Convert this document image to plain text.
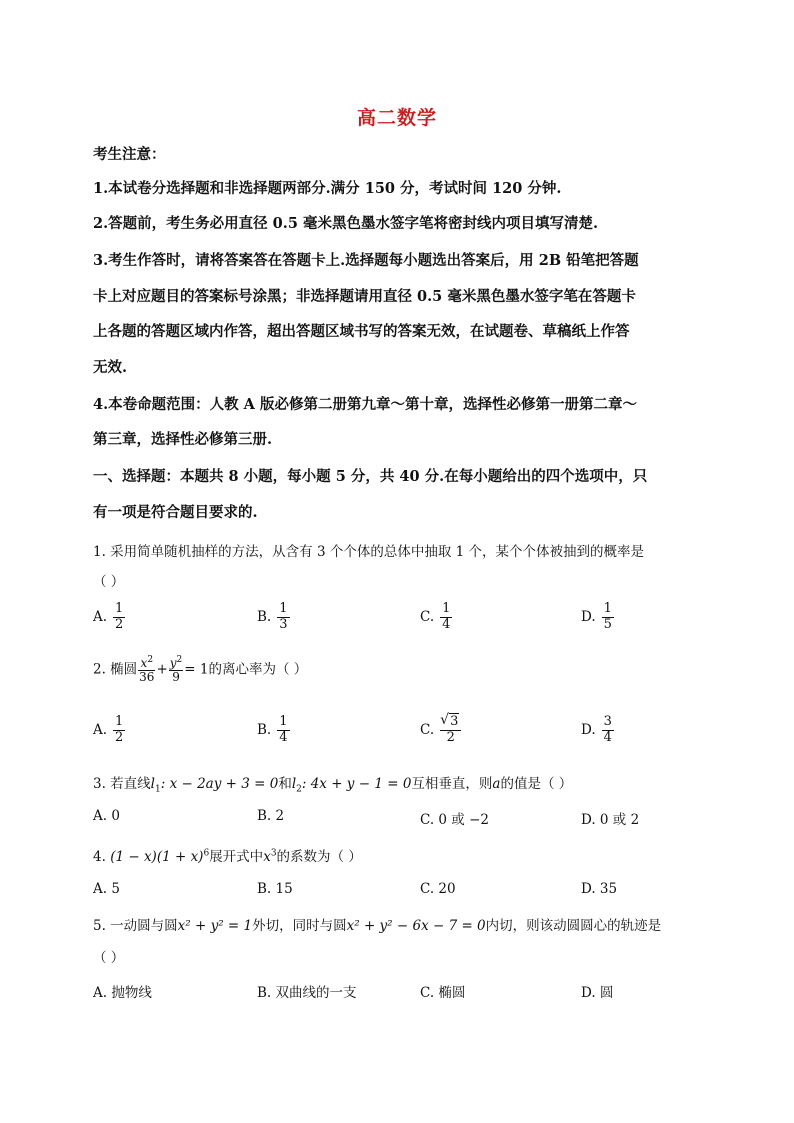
高二数学
考生注意：
1.本试卷分选择题和非选择题两部分.满分 150 分，考试时间 120 分钟.
2.答题前，考生务必用直径 0.5 毫米黑色墨水签字笔将密封线内项目填写清楚.
3.考生作答时，请将答案答在答题卡上.选择题每小题选出答案后，用 2B 铅笔把答题
卡上对应题目的答案标号涂黑；非选择题请用直径 0.5 毫米黑色墨水签字笔在答题卡
上各题的答题区域内作答，超出答题区域书写的答案无效，在试题卷、草稿纸上作答
无效.
4.本卷命题范围：人教 A 版必修第二册第九章～第十章，选择性必修第一册第二章～
第三章，选择性必修第三册.
一、选择题：本题共 8 小题，每小题 5 分，共 40 分.在每小题给出的四个选项中，只
有一项是符合题目要求的.
1. 采用简单随机抽样的方法，从含有 3 个个体的总体中抽取 1 个，某个个体被抽到的概率是
（ ）
A. $\frac{1}{2}$	B. $\frac{1}{3}$	C. $\frac{1}{4}$	D. $\frac{1}{5}$
2. 椭圆 $\frac{x^2}{36} + \frac{y^2}{9} = 1$的离心率为（ ）
A. $\frac{1}{2}$	B. $\frac{1}{4}$	C.
√ $\frac{3}{2}$	D. $\frac{3}{4}$
3. 若直线$l_1$: x − 2ay + 3 = 0和$l_2$: 4x + y − 1 = 0互相垂直，则a的值是（ ）
A. 0	B. 2	C. 0 或 −2	D. 0 或 2
4. $(1 - x)(1 + x)^6$展开式中$x^3$的系数为（ ）
A. 5	B. 15	C. 20	D. 35
5. 一动圆与圆x² + y² = 1外切，同时与圆x² + y² − 6x − 7 = 0内切，则该动圆圆心的轨迹是
（ ）
A. 抛物线	B. 双曲线的一支	C. 椭圆	D. 圆
